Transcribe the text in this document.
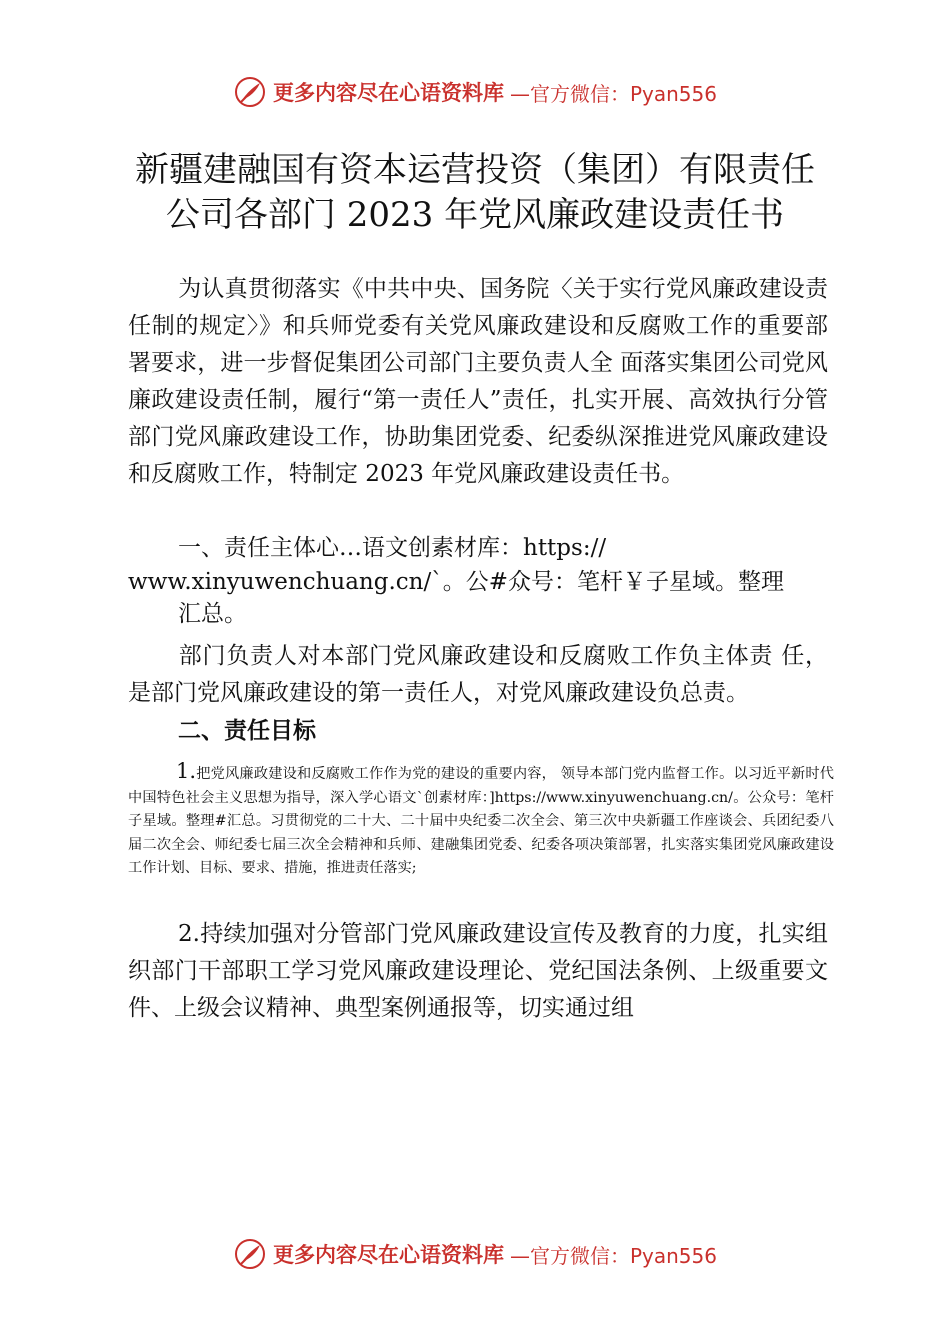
更多内容尽在心语资料库 —官方微信：Pyan556
新疆建融国有资本运营投资（集团）有限责任
公司各部门 2023 年党风廉政建设责任书

为认真贯彻落实《中共中央、国务院〈关于实行党风廉政建设责任制的规定〉》和兵师党委有关党风廉政建设和反腐败工作的重要部署要求，进一步督促集团公司部门主要负责人全 面落实集团公司党风廉政建设责任制，履行“第一责任人”责任，扎实开展、高效执行分管部门党风廉政建设工作，协助集团党委、纪委纵深推进党风廉政建设和反腐败工作，特制定 2023 年党风廉政建设责任书。

一、责任主体心…语文创素材库：https://

www.xinyuwenchuang.cn/`。公#众号：笔杆￥子星域。整理

汇总。

部门负责人对本部门党风廉政建设和反腐败工作负主体责 任，是部门党风廉政建设的第一责任人，对党风廉政建设负总责。

二、责任目标

1.把党风廉政建设和反腐败工作作为党的建设的重要内容， 领导本部门党内监督工作。以习近平新时代中国特色社会主义思想为指导，深入学心语文`创素材库：]https://www.xinyuwenchuang.cn/。公众号：笔杆子星域。整理#汇总。习贯彻党的二十大、二十届中央纪委二次全会、第三次中央新疆工作座谈会、兵团纪委八届二次全会、师纪委七届三次全会精神和兵师、建融集团党委、纪委各项决策部署，扎实落实集团党风廉政建设工作计划、目标、要求、措施，推进责任落实;

2.持续加强对分管部门党风廉政建设宣传及教育的力度，扎实组织部门干部职工学习党风廉政建设理论、党纪国法条例、上级重要文件、上级会议精神、典型案例通报等，切实通过组

更多内容尽在心语资料库 —官方微信：Pyan556
